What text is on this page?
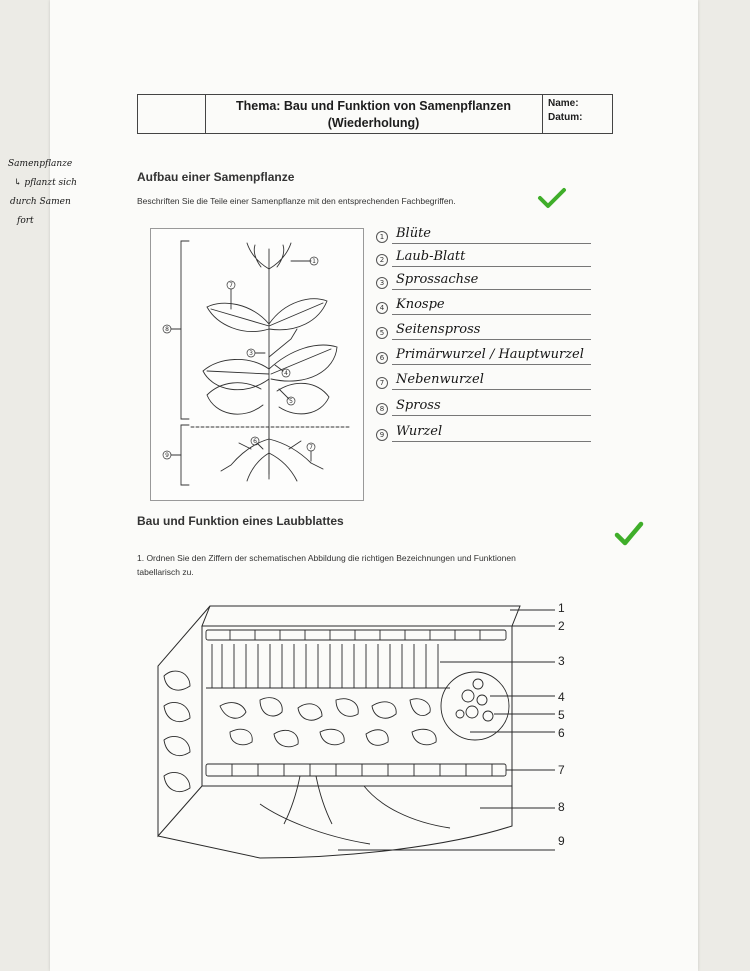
Thema: Bau und Funktion von Samenpflanzen
(Wiederholung)
Name:
Datum:
Samenpflanze
↳ pflanzt sich
durch Samen
fort
Aufbau einer Samenpflanze
Beschriften Sie die Teile einer Samenpflanze mit den entsprechenden Fachbegriffen.
1
7
3
4
5
6
7
8
9
1 Blüte
2 Laub-Blatt
3 Sprossachse
4 Knospe
5 Seitenspross
6 Primärwurzel / Hauptwurzel
7 Nebenwurzel
8 Spross
9 Wurzel
Bau und Funktion eines Laubblattes
1. Ordnen Sie den Ziffern der schematischen Abbildung die richtigen Bezeichnungen und Funktionen
tabellarisch zu.
1
2
3
4
5
6
7
8
9
